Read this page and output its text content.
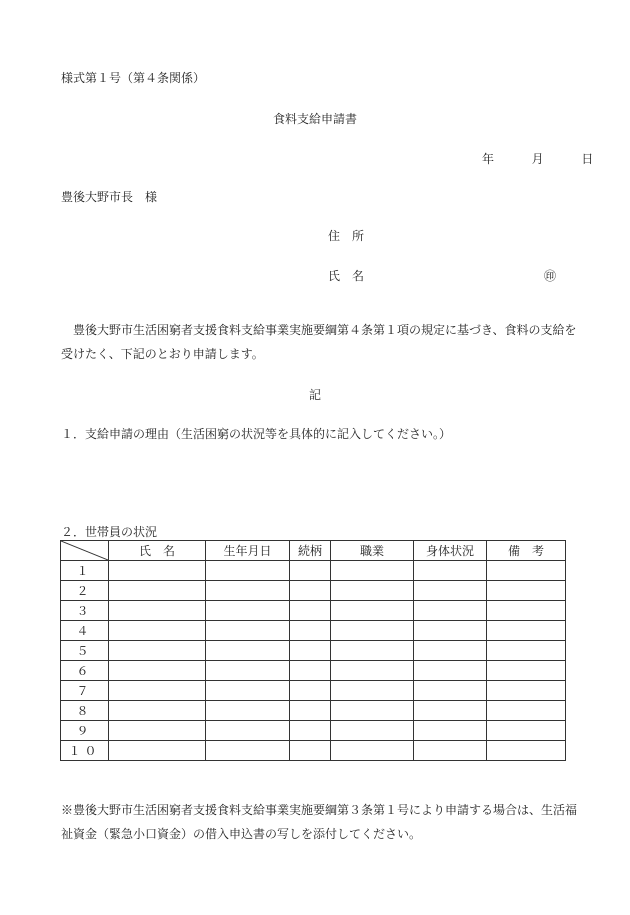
様式第１号（第４条関係）
食料支給申請書
年	月	日
豊後大野市長　様
住　所
氏　名	㊞
豊後大野市生活困窮者支援食料支給事業実施要綱第４条第１項の規定に基づき、食料の支給を受けたく、下記のとおり申請します。
記
１．支給申請の理由（生活困窮の状況等を具体的に記入してください。）
２．世帯員の状況
	氏　名	生年月日	続柄	職業	身体状況	備　考
１						
２						
３						
４						
５						
６						
７						
８						
９						
１０						
※豊後大野市生活困窮者支援食料支給事業実施要綱第３条第１号により申請する場合は、生活福祉資金（緊急小口資金）の借入申込書の写しを添付してください。
